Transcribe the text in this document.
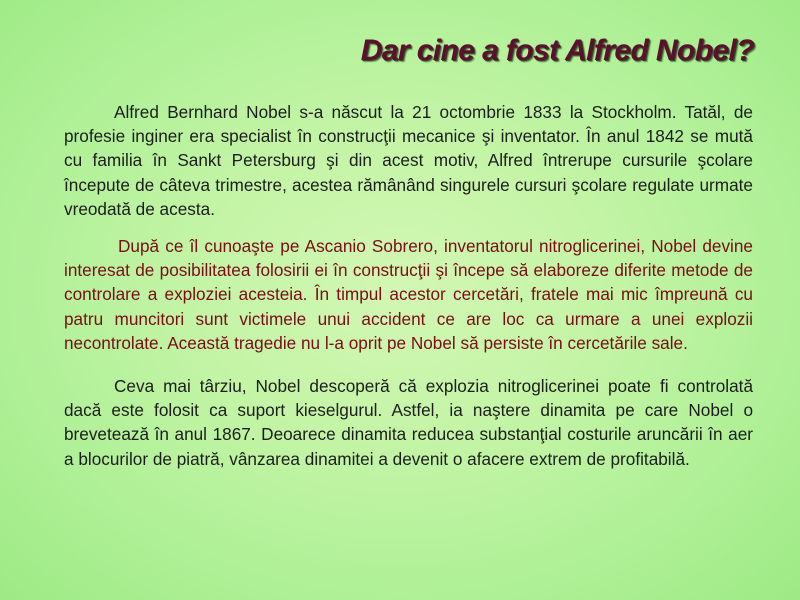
Dar cine a fost Alfred Nobel?

Alfred Bernhard Nobel s-a născut la 21 octombrie 1833 la Stockholm. Tatăl, de profesie inginer era specialist în construcţii mecanice şi inventator. În anul 1842 se mută cu familia în Sankt Petersburg şi din acest motiv, Alfred întrerupe cursurile şcolare începute de câteva trimestre, acestea rămânând singurele cursuri şcolare regulate urmate vreodată de acesta.

După ce îl cunoaşte pe Ascanio Sobrero, inventatorul nitroglicerinei, Nobel devine interesat de posibilitatea folosirii ei în construcţii şi începe să elaboreze diferite metode de controlare a exploziei acesteia. În timpul acestor cercetări, fratele mai mic împreună cu patru muncitori sunt victimele unui accident ce are loc ca urmare a unei explozii necontrolate. Această tragedie nu l-a oprit pe Nobel să persiste în cercetările sale.

Ceva mai târziu, Nobel descoperă că explozia nitroglicerinei poate fi controlată dacă este folosit ca suport kieselgurul. Astfel, ia naştere dinamita pe care Nobel o brevetează în anul 1867. Deoarece dinamita reducea substanţial costurile aruncării în aer a blocurilor de piatră, vânzarea dinamitei a devenit o afacere extrem de profitabilă.
